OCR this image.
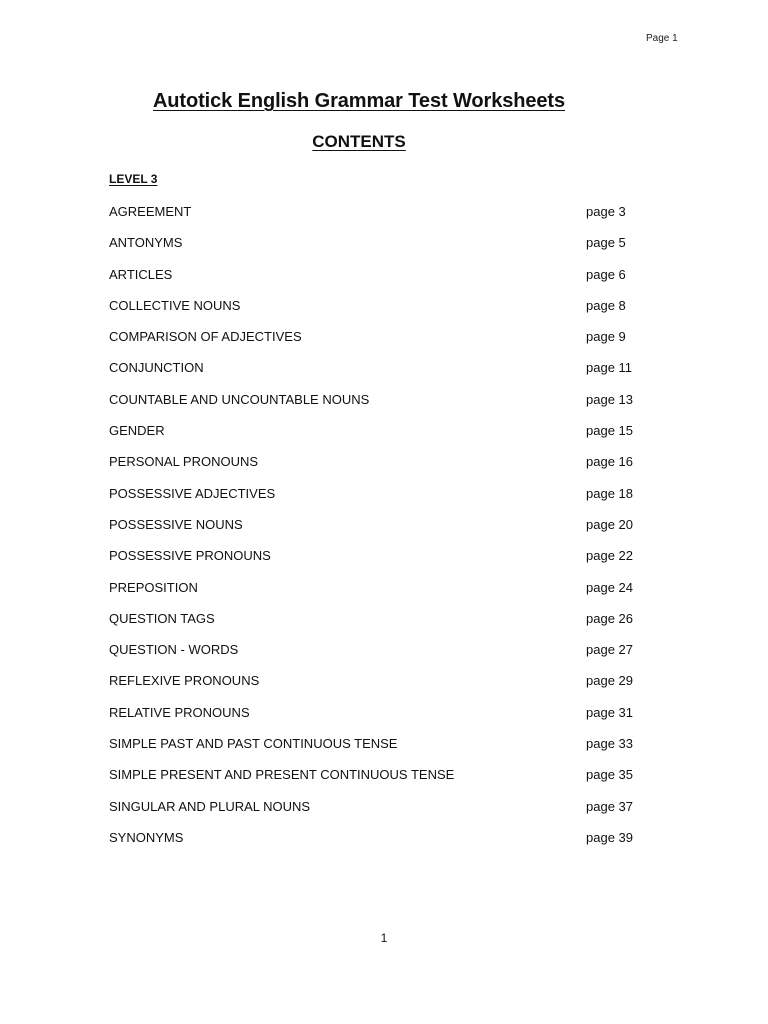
Page 1
Autotick English Grammar Test Worksheets
CONTENTS
LEVEL 3
AGREEMENT	page 3
ANTONYMS	page 5
ARTICLES	page 6
COLLECTIVE NOUNS	page 8
COMPARISON OF ADJECTIVES	page 9
CONJUNCTION	page 11
COUNTABLE AND UNCOUNTABLE NOUNS	page 13
GENDER	page 15
PERSONAL PRONOUNS	page 16
POSSESSIVE ADJECTIVES	page 18
POSSESSIVE NOUNS	page 20
POSSESSIVE PRONOUNS	page 22
PREPOSITION	page 24
QUESTION TAGS	page 26
QUESTION - WORDS	page 27
REFLEXIVE PRONOUNS	page 29
RELATIVE PRONOUNS	page 31
SIMPLE PAST AND PAST CONTINUOUS TENSE	page 33
SIMPLE PRESENT AND PRESENT CONTINUOUS TENSE	page 35
SINGULAR AND PLURAL NOUNS	page 37
SYNONYMS	page 39
1
